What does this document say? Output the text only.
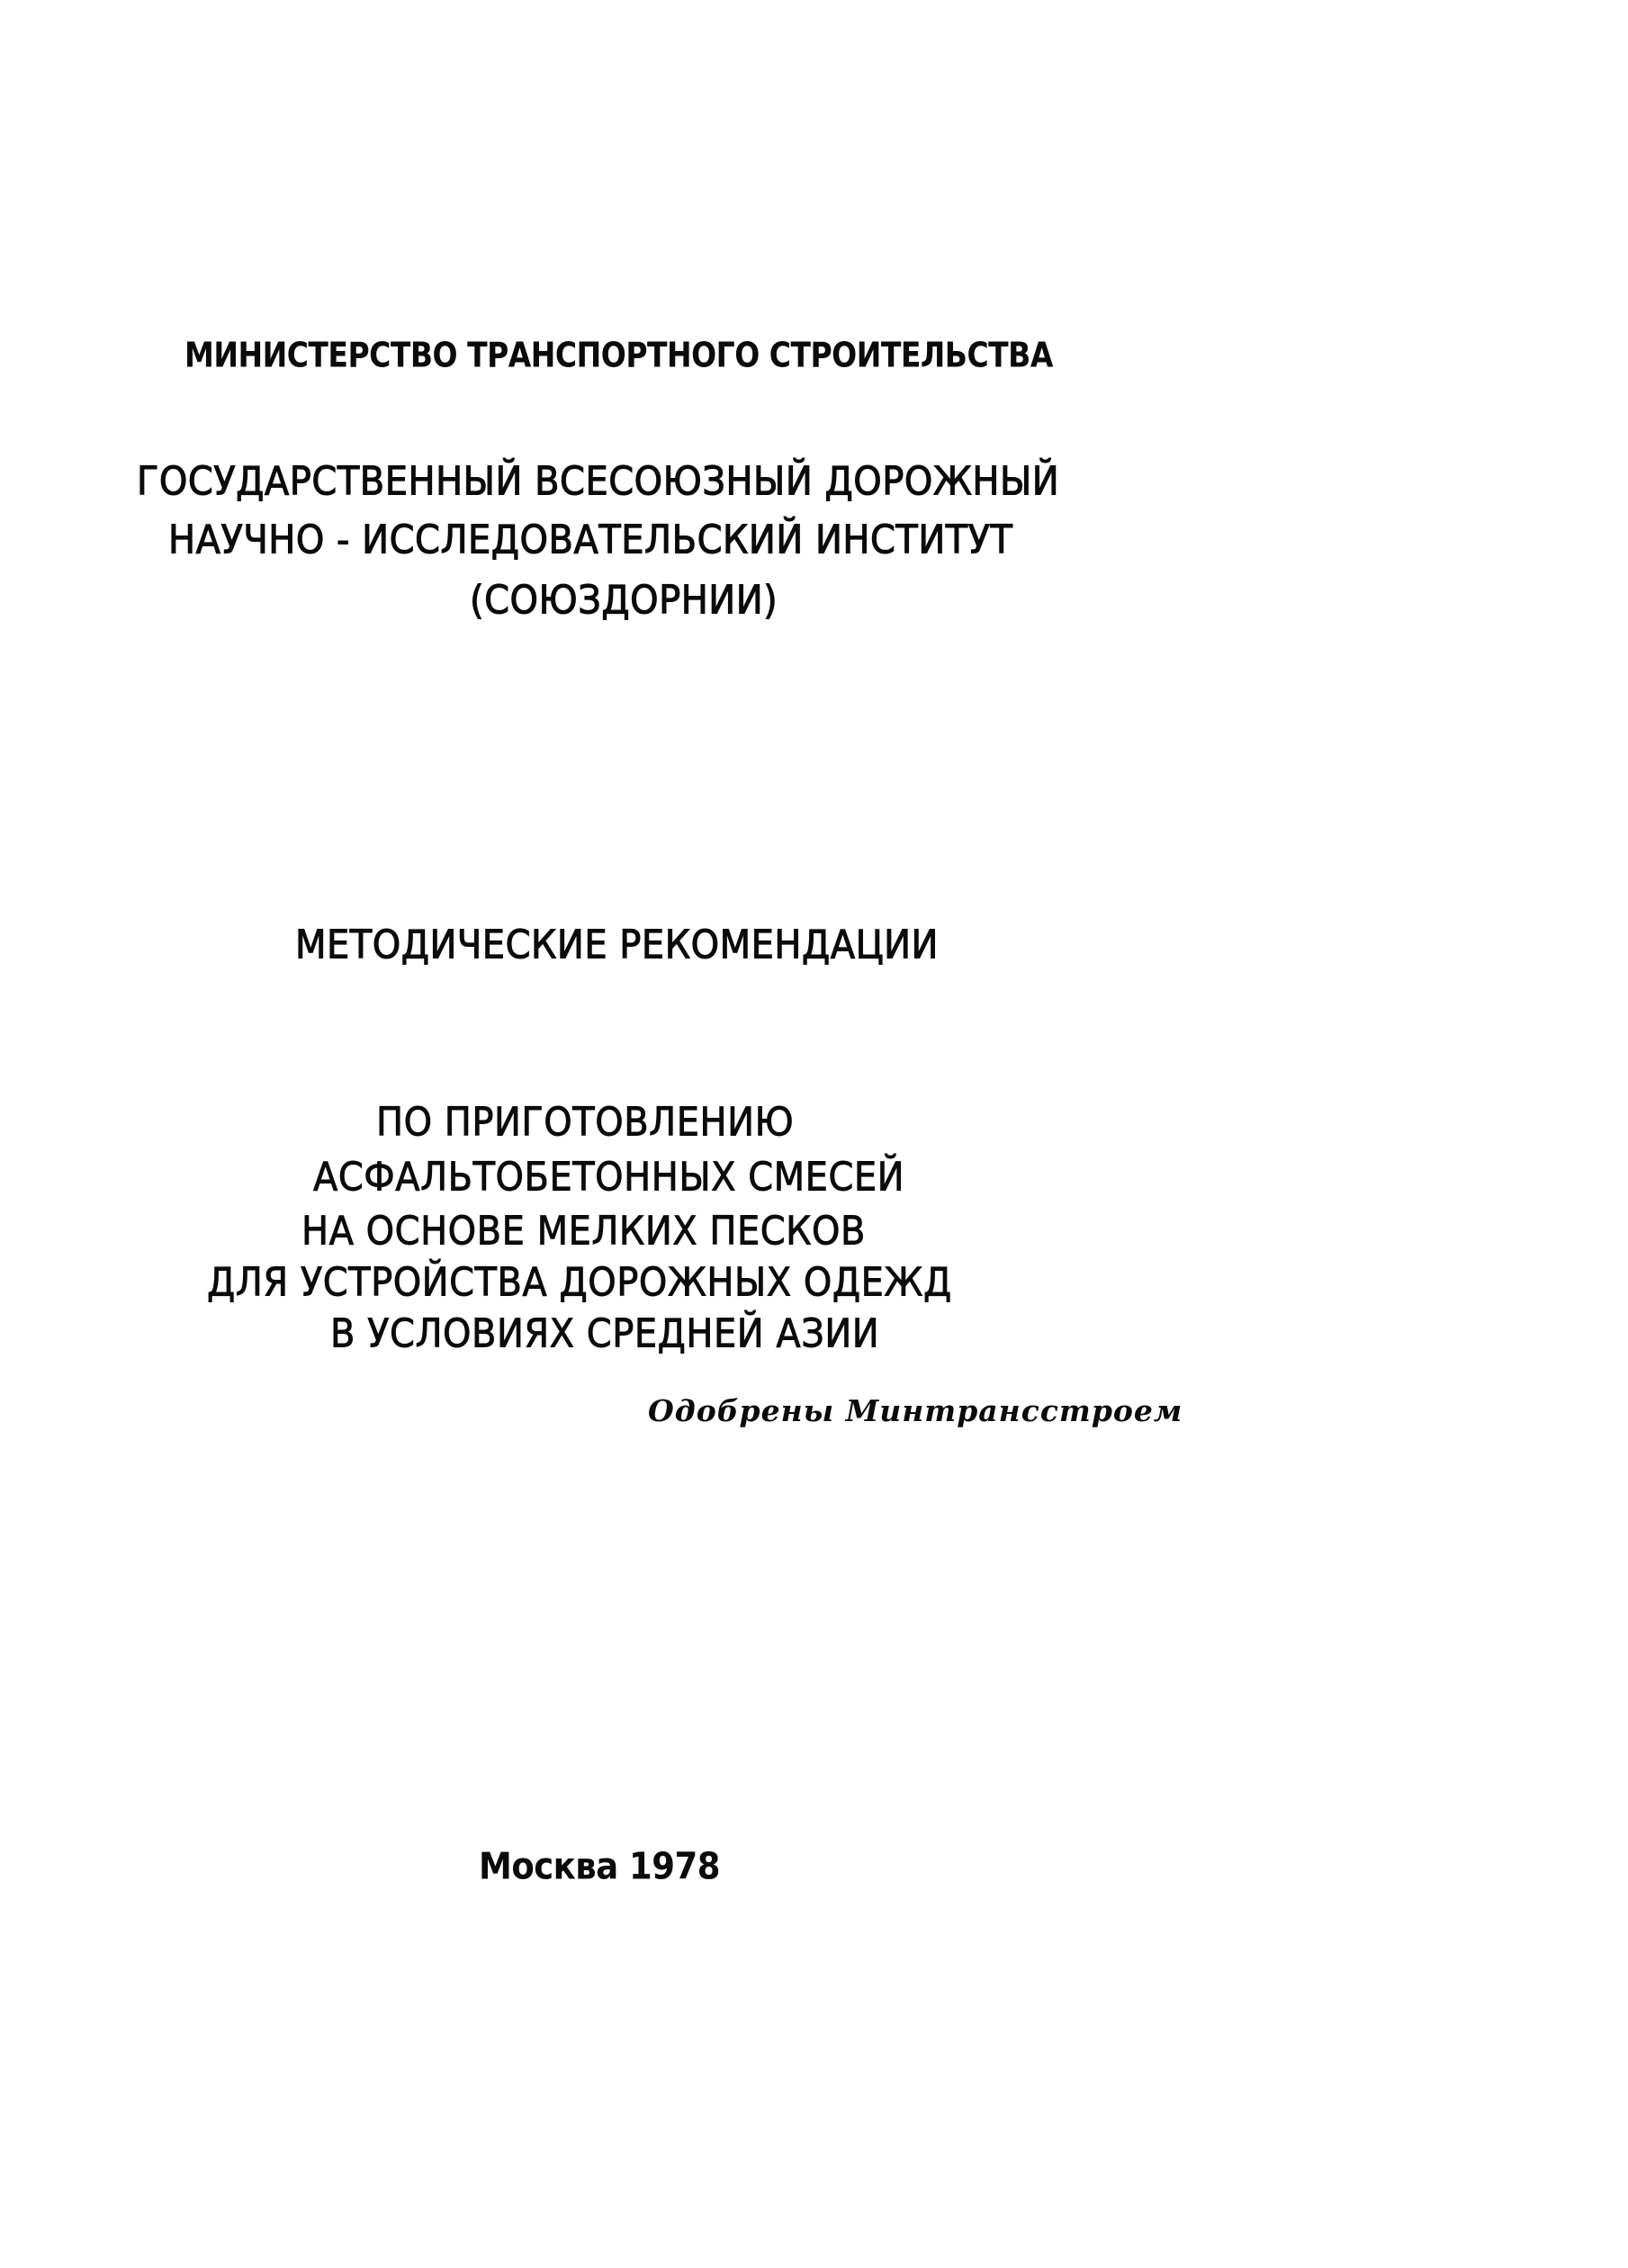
МИНИСТЕРСТВО ТРАНСПОРТНОГО СТРОИТЕЛЬСТВА
ГОСУДАРСТВЕННЫЙ ВСЕСОЮЗНЫЙ ДОРОЖНЫЙ
НАУЧНО - ИССЛЕДОВАТЕЛЬСКИЙ ИНСТИТУТ
(СОЮЗДОРНИИ)
МЕТОДИЧЕСКИЕ РЕКОМЕНДАЦИИ
ПО ПРИГОТОВЛЕНИЮ
АСФАЛЬТОБЕТОННЫХ СМЕСЕЙ
НА ОСНОВЕ МЕЛКИХ ПЕСКОВ
ДЛЯ УСТРОЙСТВА ДОРОЖНЫХ ОДЕЖД
В УСЛОВИЯХ СРЕДНЕЙ АЗИИ
Одобрены Минтрансстроем
Москва 1978
